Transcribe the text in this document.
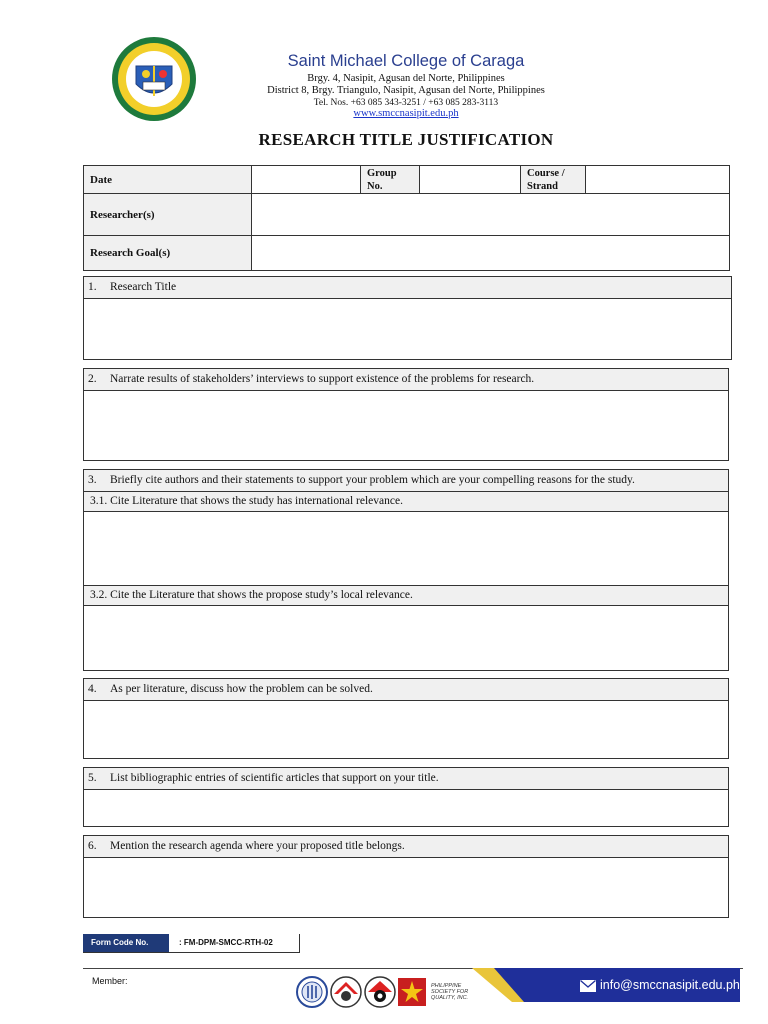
Saint Michael College of Caraga
Brgy. 4, Nasipit, Agusan del Norte, Philippines
District 8, Brgy. Triangulo, Nasipit, Agusan del Norte, Philippines
Tel. Nos. +63 085 343-3251 / +63 085 283-3113
www.smccnasipit.edu.ph
RESEARCH TITLE JUSTIFICATION
Date		Group No.		Course / Strand	
Researcher(s)					
Research Goal(s)					
1. Research Title
2. Narrate results of stakeholders’ interviews to support existence of the problems for research.
3. Briefly cite authors and their statements to support your problem which are your compelling reasons for the study.
3.1. Cite Literature that shows the study has international relevance.
3.2. Cite the Literature that shows the propose study’s local relevance.
4. As per literature, discuss how the problem can be solved.
5. List bibliographic entries of scientific articles that support on your title.
6. Mention the research agenda where your proposed title belongs.
Form Code No.	: FM-DPM-SMCC-RTH-02
Member:	PHILIPPINE SOCIETY FOR QUALITY, INC.
info@smccnasipit.edu.ph
